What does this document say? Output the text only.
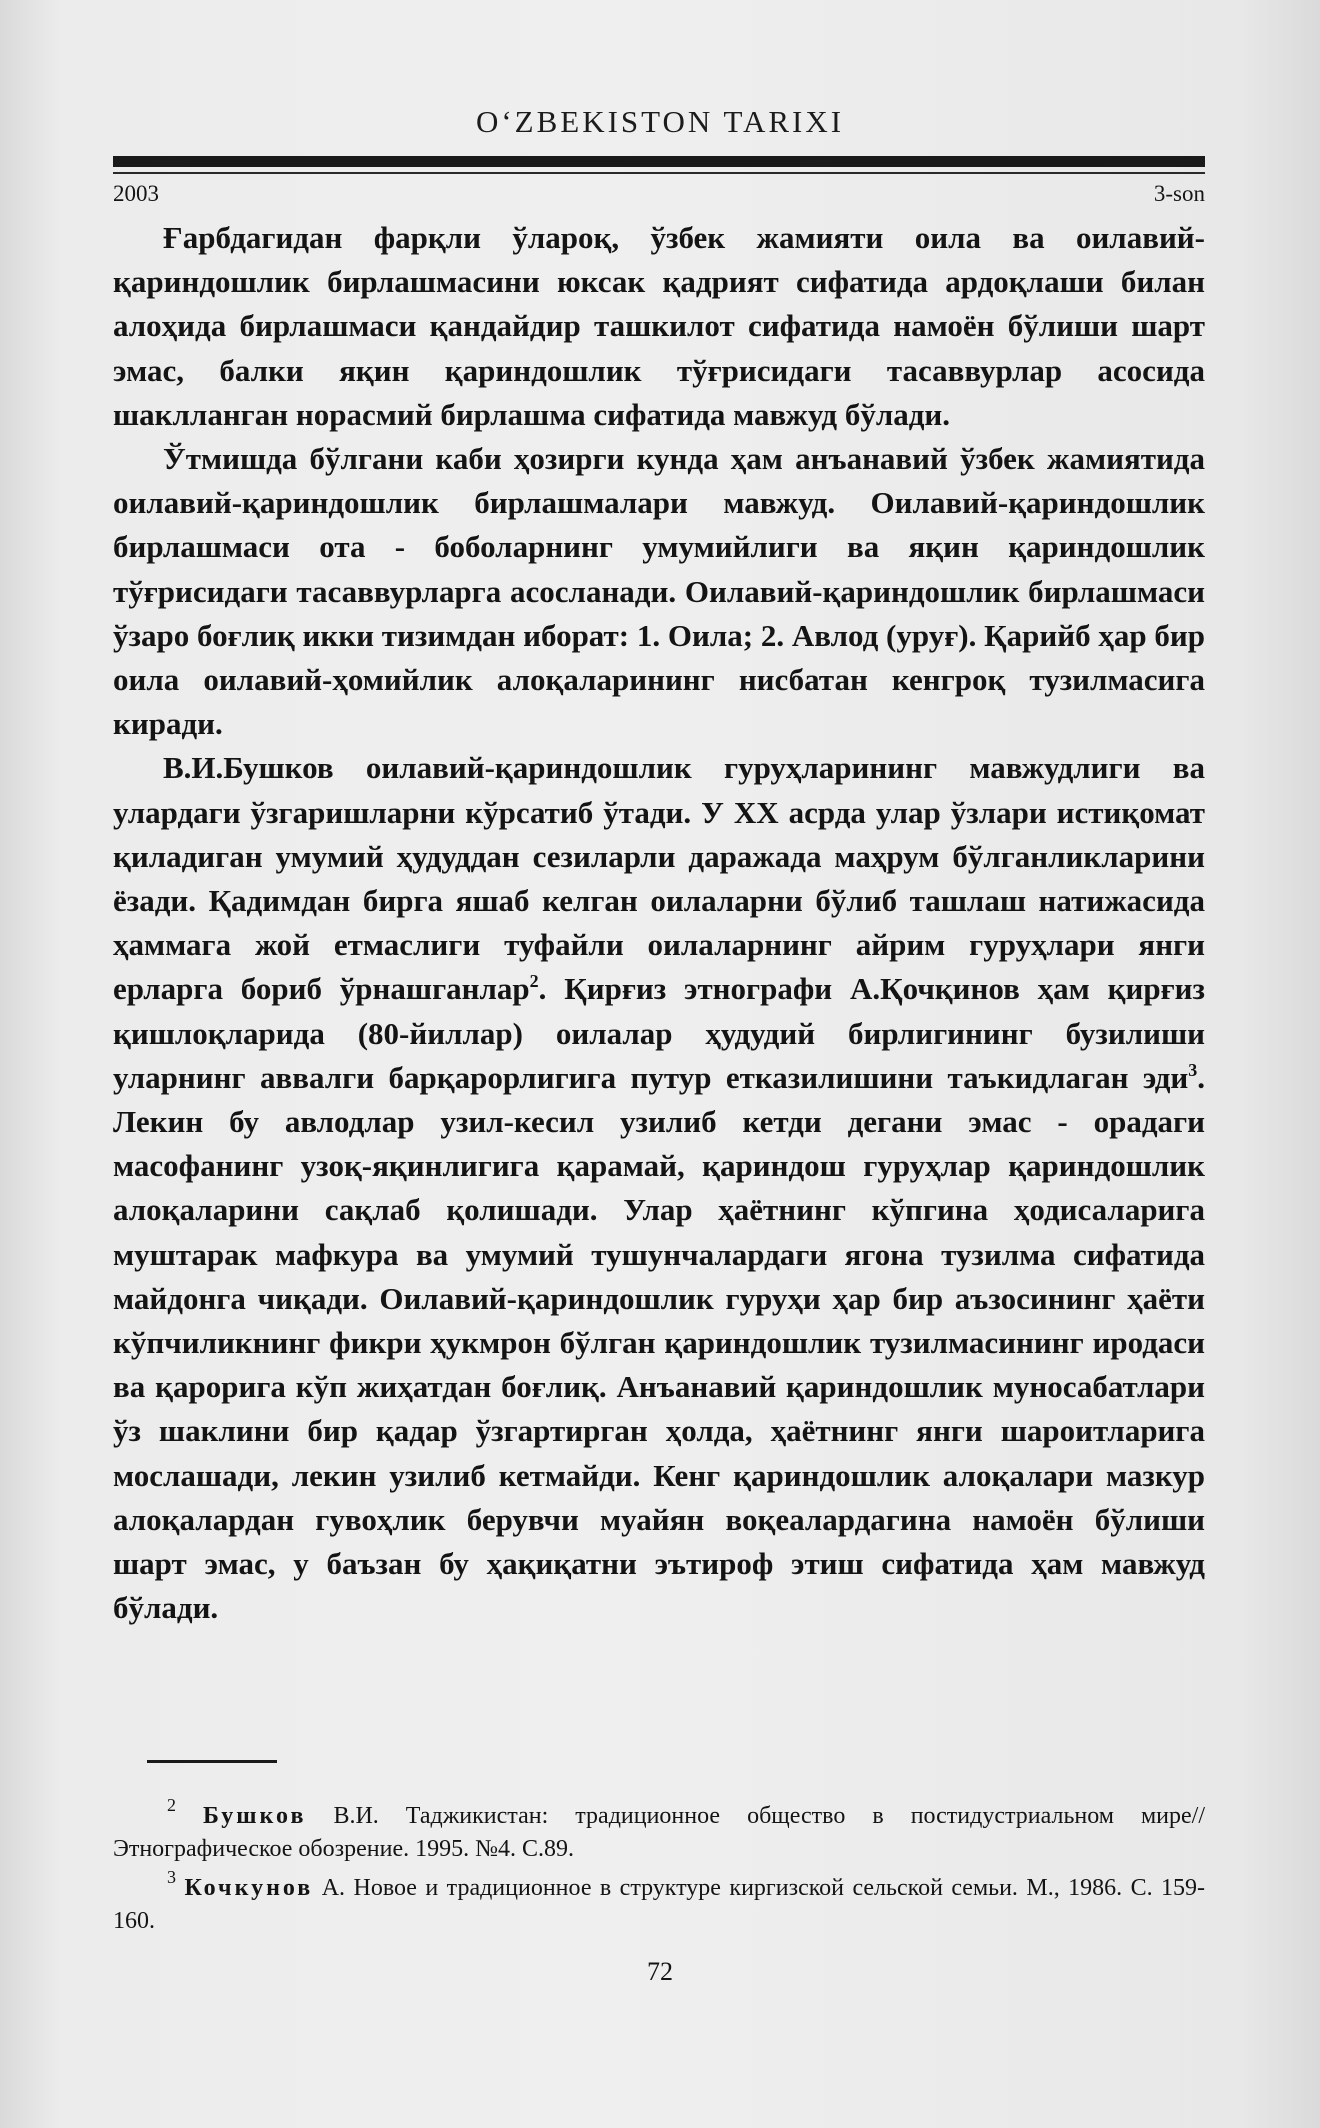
O‘ZBEKISTON TARIXI
2003	3-son

Ғарбдагидан фарқли ўлароқ, ўзбек жамияти оила ва оилавий-қариндошлик бирлашмасини юксак қадрият сифатида ардоқлаши билан алоҳида бирлашмаси қандайдир ташкилот сифатида намоён бўлиши шарт эмас, балки яқин қариндошлик тўғрисидаги тасаввурлар асосида шаклланган норасмий бирлашма сифатида мавжуд бўлади.

Ўтмишда бўлгани каби ҳозирги кунда ҳам анъанавий ўзбек жамиятида оилавий-қариндошлик бирлашмалари мавжуд. Оилавий-қариндошлик бирлашмаси ота - боболарнинг умумийлиги ва яқин қариндошлик тўғрисидаги тасаввурларга асосланади. Оилавий-қариндошлик бирлашмаси ўзаро боғлиқ икки тизимдан иборат: 1. Оила; 2. Авлод (уруғ). Қарийб ҳар бир оила оилавий-ҳомийлик алоқаларининг нисбатан кенгроқ тузилмасига киради.

В.И.Бушков оилавий-қариндошлик гуруҳларининг мавжудлиги ва улардаги ўзгаришларни кўрсатиб ўтади. У XX асрда улар ўзлари истиқомат қиладиган умумий ҳудуддан сезиларли даражада маҳрум бўлганликларини ёзади. Қадимдан бирга яшаб келган оилаларни бўлиб ташлаш натижасида ҳаммага жой етмаслиги туфайли оилаларнинг айрим гуруҳлари янги ерларга бориб ўрнашганлар$^2$. Қирғиз этнографи А.Қочқинов ҳам қирғиз қишлоқларида (80-йиллар) оилалар ҳудудий бирлигининг бузилиши уларнинг аввалги барқарорлигига путур етказилишини таъкидлаган эди$^3$. Лекин бу авлодлар узил-кесил узилиб кетди дегани эмас - орадаги масофанинг узоқ-яқинлигига қарамай, қариндош гуруҳлар қариндошлик алоқаларини сақлаб қолишади. Улар ҳаётнинг кўпгина ҳодисаларига муштарак мафкура ва умумий тушунчалардаги ягона тузилма сифатида майдонга чиқади. Оилавий-қариндошлик гуруҳи ҳар бир аъзосининг ҳаёти кўпчиликнинг фикри ҳукмрон бўлган қариндошлик тузилмасининг иродаси ва қарорига кўп жиҳатдан боғлиқ. Анъанавий қариндошлик муносабатлари ўз шаклини бир қадар ўзгартирган ҳолда, ҳаётнинг янги шароитларига мослашади, лекин узилиб кетмайди. Кенг қариндошлик алоқалари мазкур алоқалардан гувоҳлик берувчи муайян воқеалардагина намоён бўлиши шарт эмас, у баъзан бу ҳақиқатни эътироф этиш сифатида ҳам мавжуд бўлади.

$^2$ Бушков В.И. Таджикистан: традиционное общество в постидустриальном мире// Этнографическое обозрение. 1995. №4. С.89.

$^3$ Кочкунов А. Новое и традиционное в структуре киргизской сельской семьи. М., 1986. С. 159-160.

72
